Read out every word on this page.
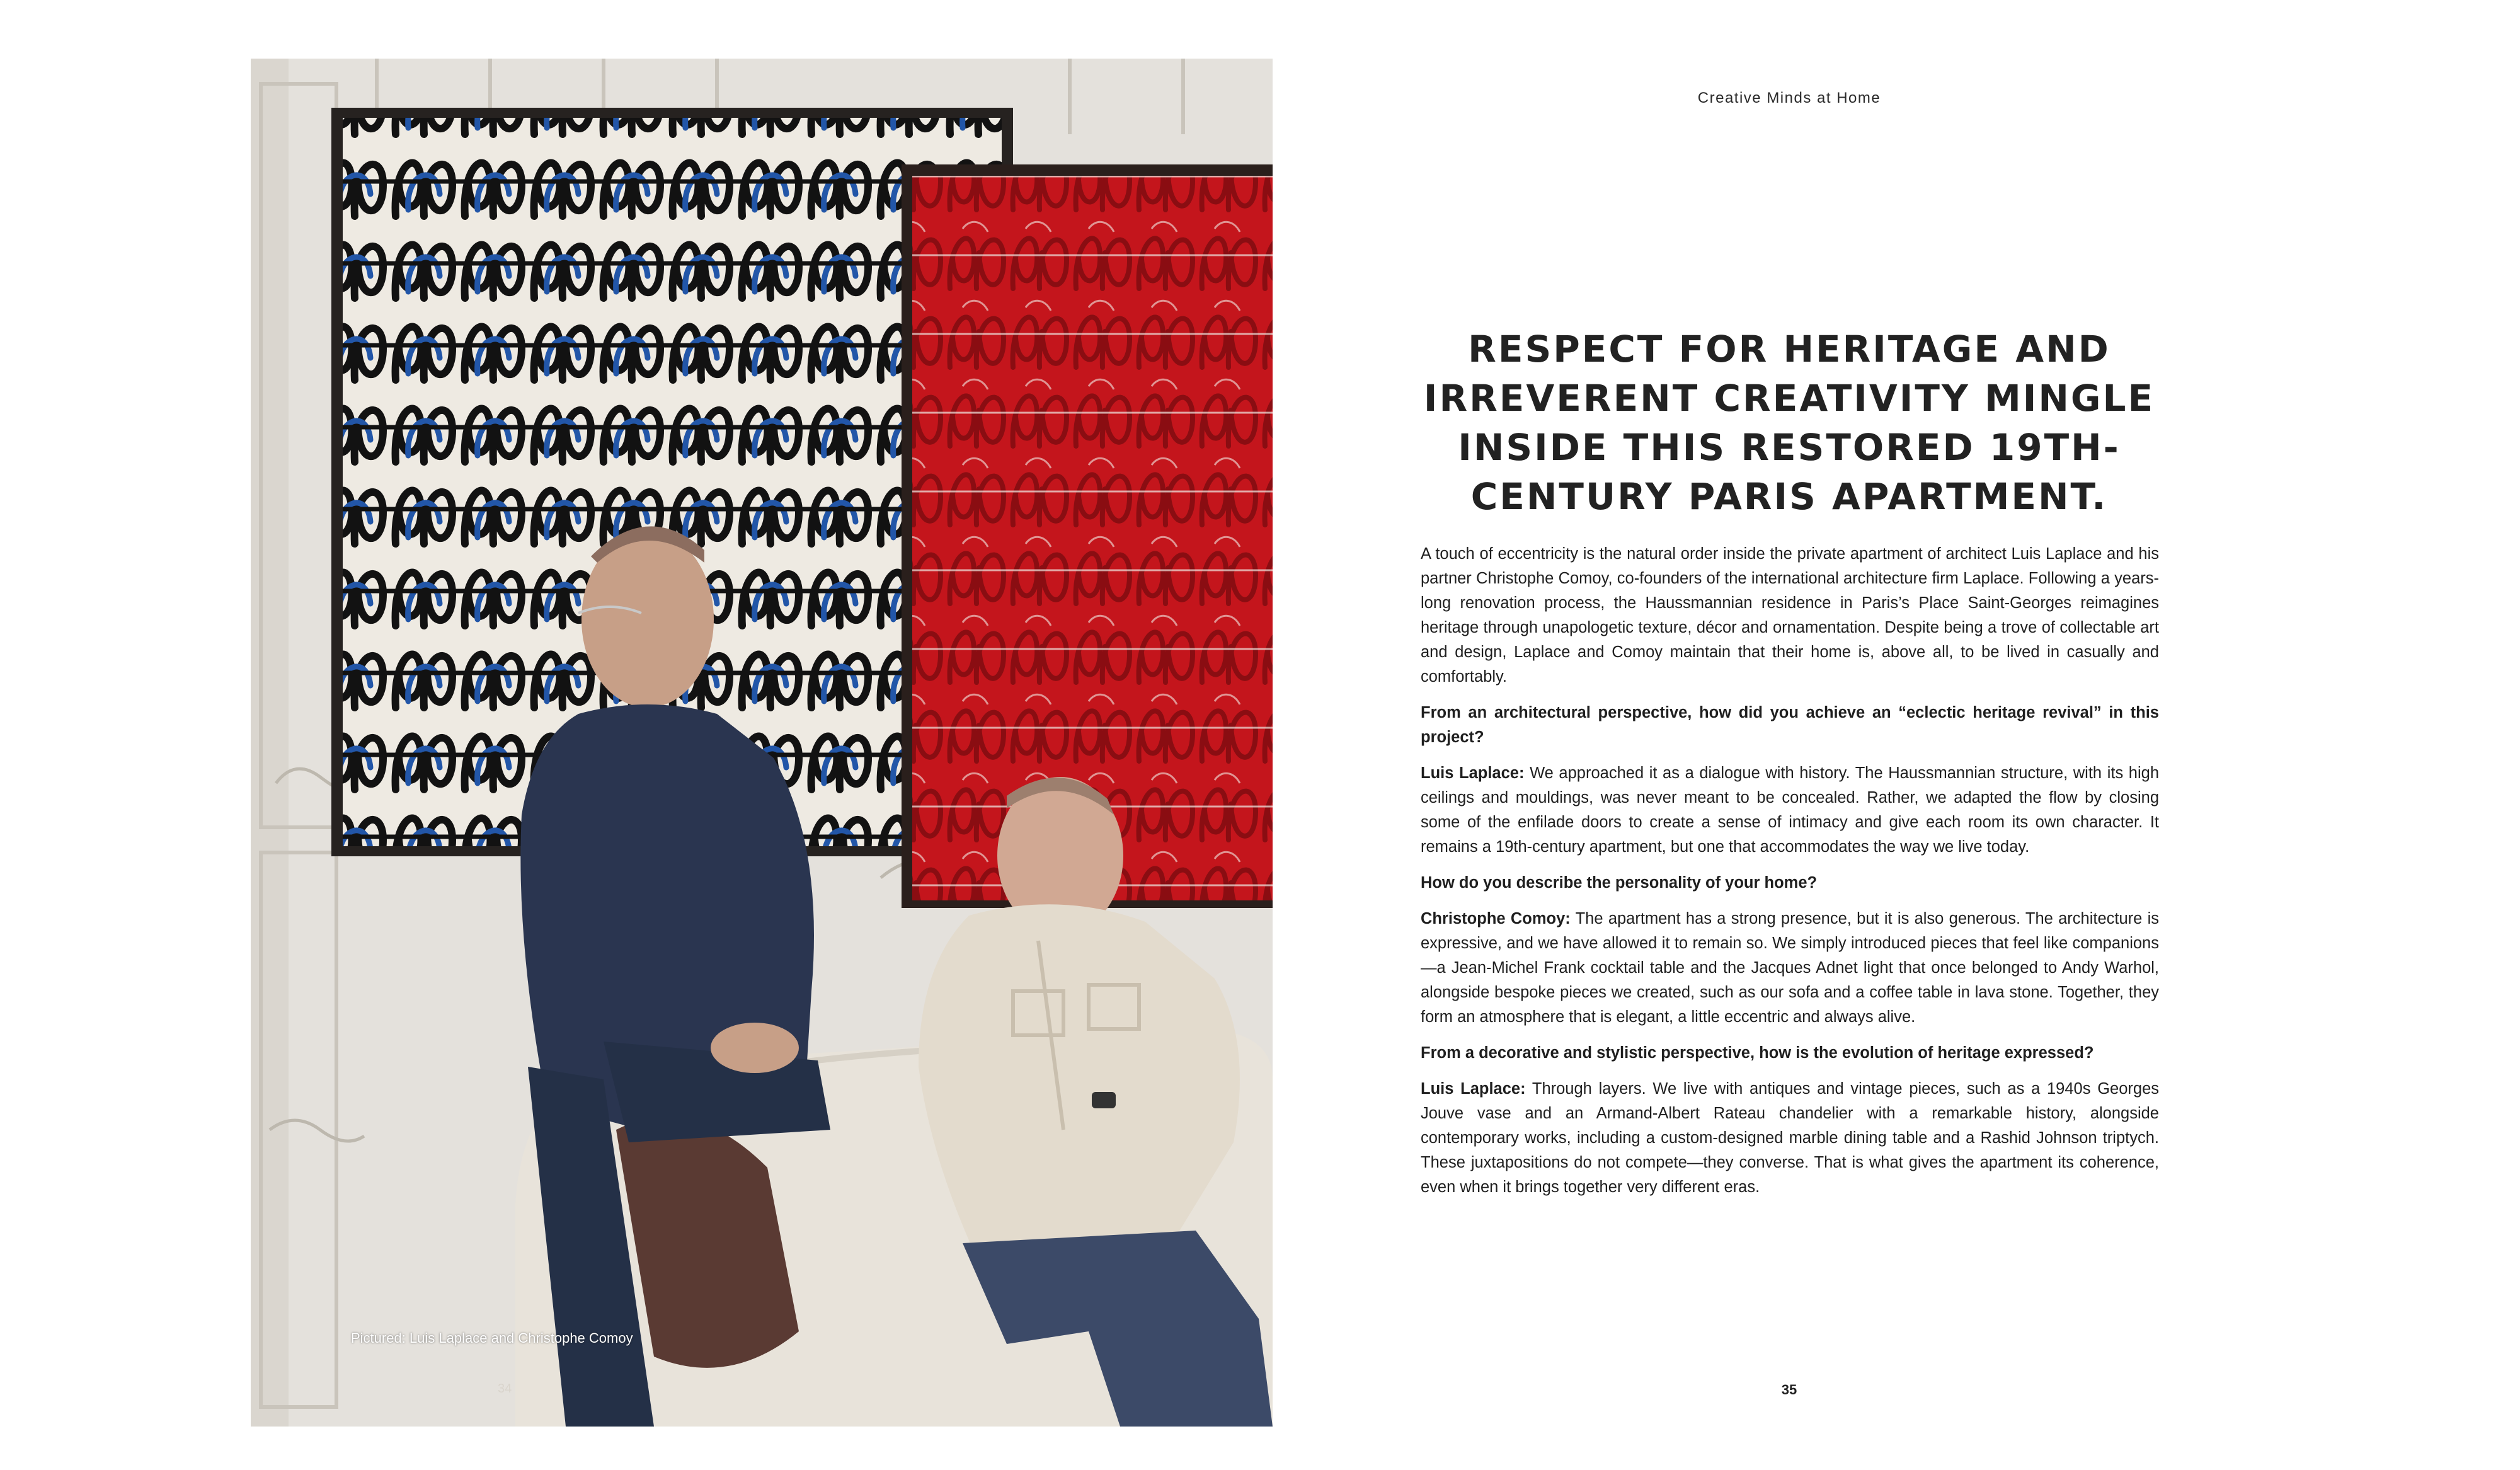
Pictured: Luis Laplace and Christophe Comoy
34
Creative Minds at Home
RESPECT FOR HERITAGE AND IRREVERENT CREATIVITY MINGLE INSIDE THIS RESTORED 19TH-CENTURY PARIS APARTMENT.

A touch of eccentricity is the natural order inside the private apartment of architect Luis Laplace and his partner Christophe Comoy, co-founders of the international architecture firm Laplace. Following a years-long renovation process, the Haussmannian residence in Paris’s Place Saint-Georges reimagines heritage through unapologetic texture, décor and ornamentation. Despite being a trove of collectable art and design, Laplace and Comoy maintain that their home is, above all, to be lived in casually and comfortably.

From an architectural perspective, how did you achieve an “eclectic heritage revival” in this project?

Luis Laplace: We approached it as a dialogue with history. The Haussmannian structure, with its high ceilings and mouldings, was never meant to be concealed. Rather, we adapted the flow by closing some of the enfilade doors to create a sense of intimacy and give each room its own character. It remains a 19th-century apartment, but one that accommodates the way we live today.

How do you describe the personality of your home?

Christophe Comoy: The apartment has a strong presence, but it is also generous. The architecture is expressive, and we have allowed it to remain so. We simply introduced pieces that feel like companions—a Jean-Michel Frank cocktail table and the Jacques Adnet light that once belonged to Andy Warhol, alongside bespoke pieces we created, such as our sofa and a coffee table in lava stone. Together, they form an atmosphere that is elegant, a little eccentric and always alive.

From a decorative and stylistic perspective, how is the evolution of heritage expressed?

Luis Laplace: Through layers. We live with antiques and vintage pieces, such as a 1940s Georges Jouve vase and an Armand-Albert Rateau chandelier with a remarkable history, alongside contemporary works, including a custom-designed marble dining table and a Rashid Johnson triptych. These juxtapositions do not compete—they converse. That is what gives the apartment its coherence, even when it brings together very different eras.

35
